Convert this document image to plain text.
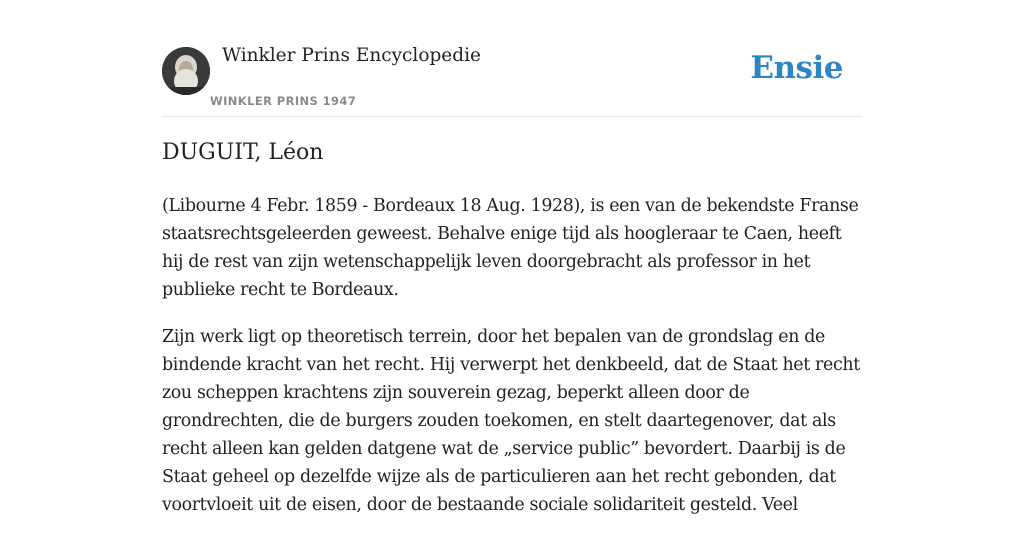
Winkler Prins Encyclopedie
WINKLER PRINS 1947
Ensie
DUGUIT, Léon

(Libourne 4 Febr. 1859 - Bordeaux 18 Aug. 1928), is een van de bekendste Franse staatsrechtsgeleerden geweest. Behalve enige tijd als hoogleraar te Caen, heeft hij de rest van zijn wetenschappelijk leven doorgebracht als professor in het publieke recht te Bordeaux.

Zijn werk ligt op theoretisch terrein, door het bepalen van de grondslag en de bindende kracht van het recht. Hij verwerpt het denkbeeld, dat de Staat het recht zou scheppen krachtens zijn souverein gezag, beperkt alleen door de grondrechten, die de burgers zouden toekomen, en stelt daartegenover, dat als recht alleen kan gelden datgene wat de „service public” bevordert. Daarbij is de Staat geheel op dezelfde wijze als de particulieren aan het recht gebonden, dat voortvloeit uit de eisen, door de bestaande sociale solidariteit gesteld. Veel
